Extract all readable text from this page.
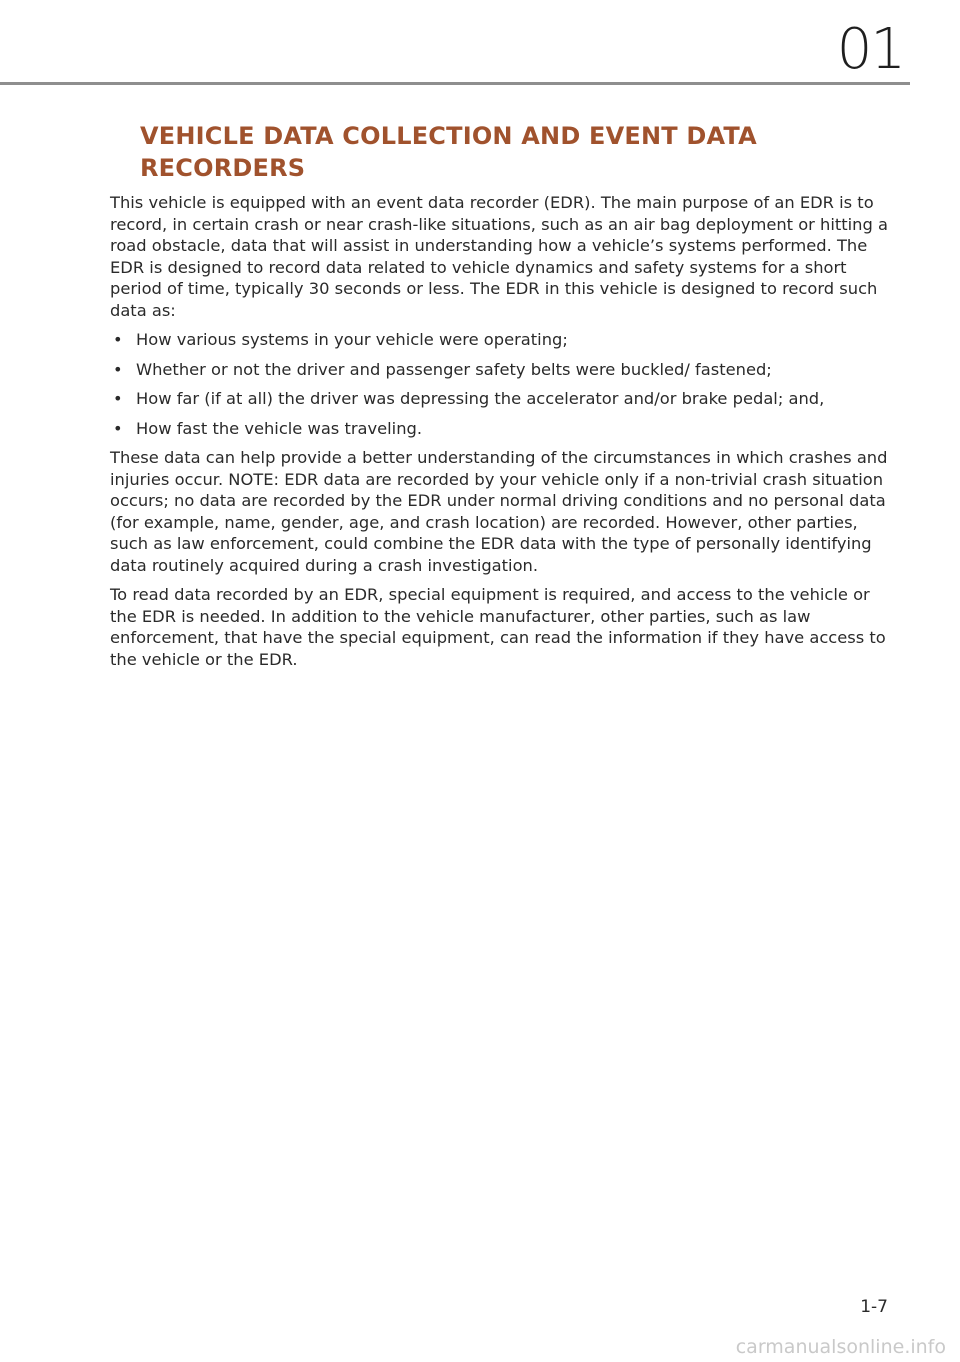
01
VEHICLE DATA COLLECTION AND EVENT DATA RECORDERS

This vehicle is equipped with an event data recorder (EDR). The main purpose of an EDR is to record, in certain crash or near crash-like situations, such as an air bag deployment or hitting a road obstacle, data that will assist in understanding how a vehicle’s systems performed. The EDR is designed to record data related to vehicle dynamics and safety systems for a short period of time, typically 30 seconds or less. The EDR in this vehicle is designed to record such data as:

• How various systems in your vehicle were operating;
• Whether or not the driver and passenger safety belts were buckled/ fastened;
• How far (if at all) the driver was depressing the accelerator and/or brake pedal; and,
• How fast the vehicle was traveling.

These data can help provide a better understanding of the circumstances in which crashes and injuries occur. NOTE: EDR data are recorded by your vehicle only if a non-trivial crash situation occurs; no data are recorded by the EDR under normal driving conditions and no personal data (for example, name, gender, age, and crash location) are recorded. However, other parties, such as law enforcement, could combine the EDR data with the type of personally identifying data routinely acquired during a crash investigation.

To read data recorded by an EDR, special equipment is required, and access to the vehicle or the EDR is needed. In addition to the vehicle manufacturer, other parties, such as law enforcement, that have the special equipment, can read the information if they have access to the vehicle or the EDR.

1-7
carmanualsonline.info
